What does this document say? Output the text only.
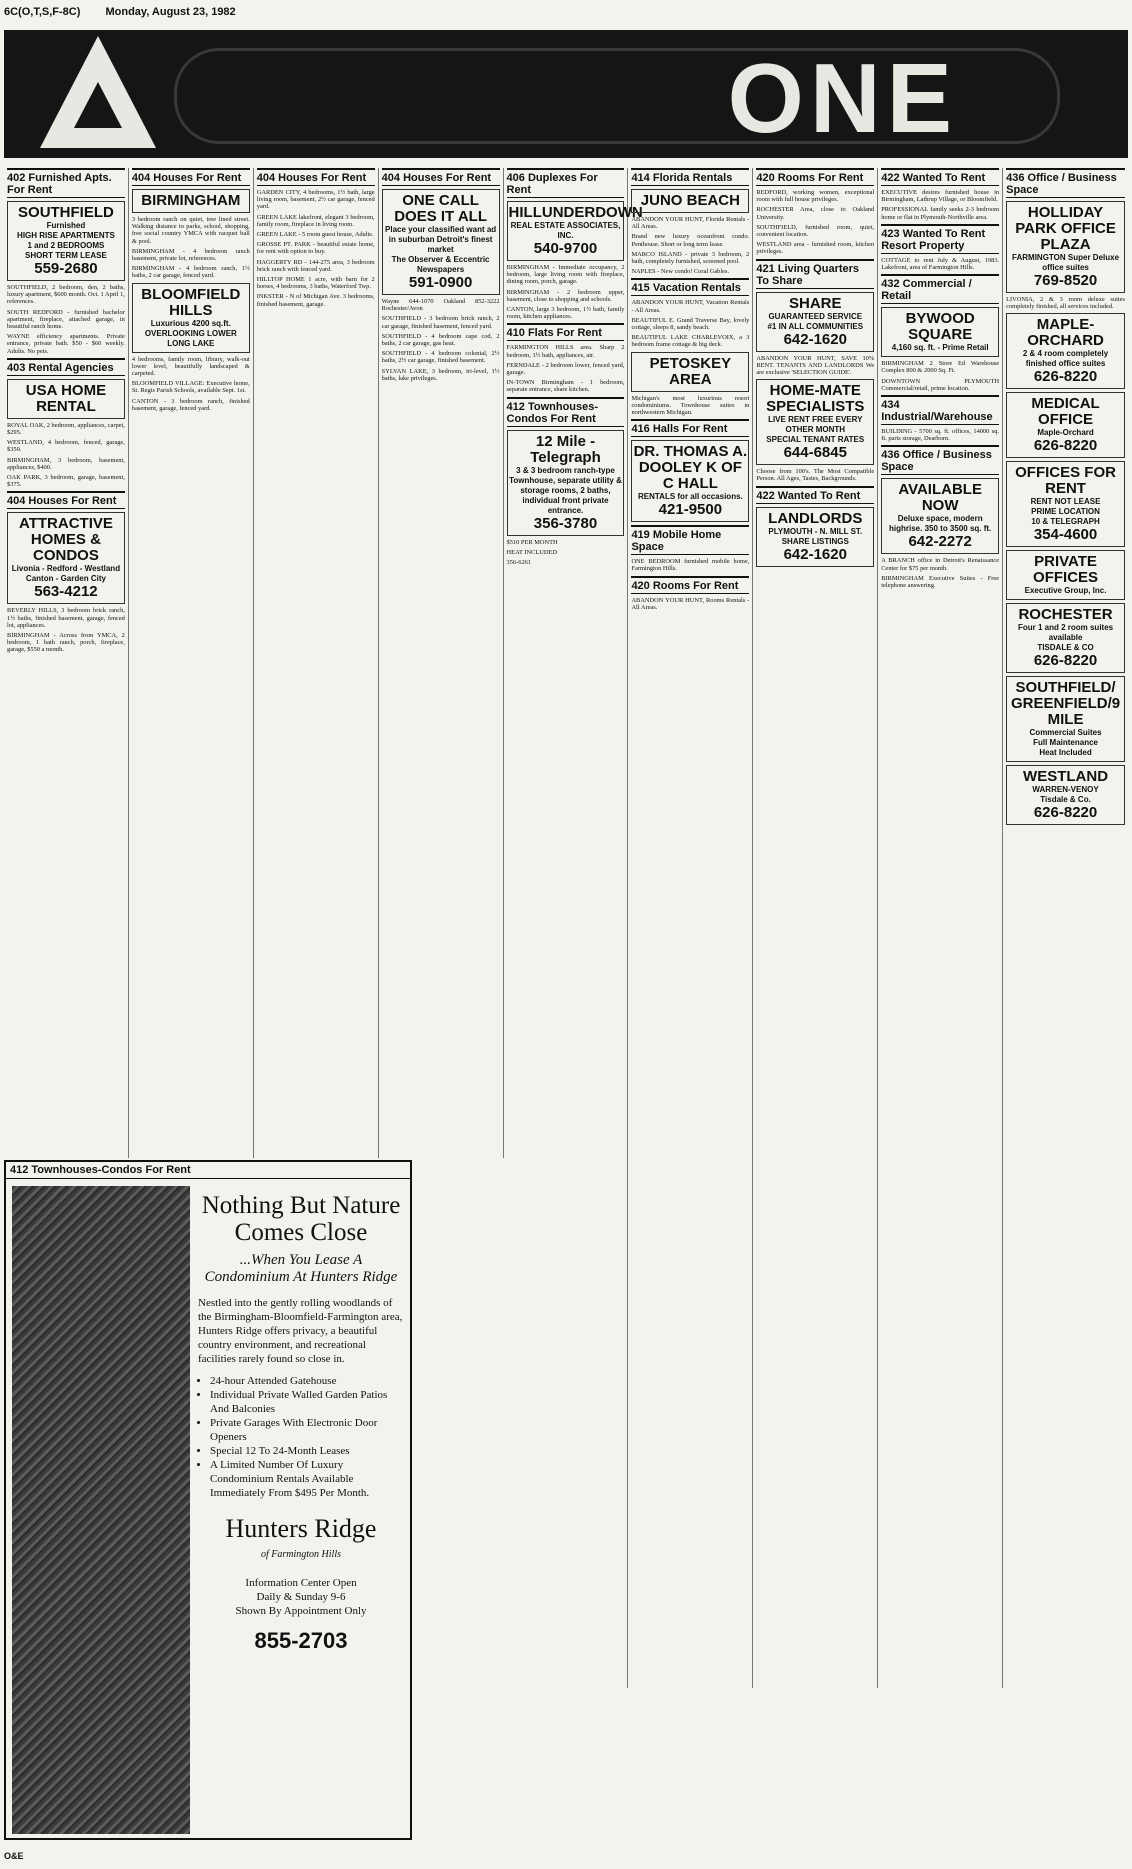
6C(O,T,S,F-8C) Monday, August 23, 1982
ONE
402 Furnished Apts. For Rent
SOUTHFIELD
Furnished
HIGH RISE APARTMENTS
1 and 2 BEDROOMS
SHORT TERM LEASE
559-2680

SOUTHFIELD, 2 bedroom, den, 2 baths, luxury apartment, $600 month. Oct. 1 April 1, references.

SOUTH REDFORD - furnished bachelor apartment, fireplace, attached garage, in beautiful ranch home.

WAYNE efficiency apartments. Private entrance, private bath. $50 - $60 weekly. Adults. No pets.

403 Rental Agencies
USA HOME RENTAL

ROYAL OAK, 2 bedroom, appliances, carpet, $295.

WESTLAND, 4 bedroom, fenced, garage, $350.

BIRMINGHAM, 3 bedroom, basement, appliances, $400.

OAK PARK, 3 bedroom, garage, basement, $375.

404 Houses For Rent
ATTRACTIVE HOMES & CONDOS
Livonia - Redford - Westland
Canton - Garden City
563-4212

BEVERLY HILLS, 3 bedroom brick ranch, 1½ baths, finished basement, garage, fenced lot, appliances.

BIRMINGHAM - Across from YMCA, 2 bedroom, 1 bath ranch, porch, fireplace, garage, $550 a month.

404 Houses For Rent
BIRMINGHAM

3 bedroom ranch on quiet, tree lined street. Walking distance to parks, school, shopping, free social country YMCA with racquet ball & pool.

BIRMINGHAM - 4 bedroom ranch basement, private lot, references.

BIRMINGHAM - 4 bedroom ranch, 1½ baths, 2 car garage, fenced yard.

BLOOMFIELD HILLS
Luxurious 4200 sq.ft.
OVERLOOKING LOWER LONG LAKE

4 bedrooms, family room, library, walk-out lower level, beautifully landscaped & carpeted.

BLOOMFIELD VILLAGE: Executive home, St. Regis Parish Schools, available Sept. 1st.

CANTON - 3 bedroom ranch, finished basement, garage, fenced yard.

404 Houses For Rent

GARDEN CITY, 4 bedrooms, 1½ bath, large living room, basement, 2½ car garage, fenced yard.

GREEN LAKE lakefront, elegant 3 bedroom, family room, fireplace in living room.

GREEN LAKE - 5 room guest house, Adults.

GROSSE PT. PARK - beautiful estate home, for rent with option to buy.

HAGGERTY RD - 144-275 area, 3 bedroom brick ranch with fenced yard.

HILLTOP HOME 1 acre, with barn for 2 horses, 4 bedrooms, 3 baths, Waterford Twp.

INKSTER - N of Michigan Ave. 3 bedrooms, finished basement, garage.

404 Houses For Rent
ONE CALL DOES IT ALL
Place your classified want ad in suburban Detroit's finest market
The Observer & Eccentric Newspapers
591-0900

Wayne 644-1070 Oakland 852-3222 Rochester/Avon

SOUTHFIELD - 3 bedroom brick ranch, 2 car garage, finished basement, fenced yard.

SOUTHFIELD - 4 bedroom cape cod, 2 baths, 2 car garage, gas heat.

SOUTHFIELD - 4 bedroom colonial, 2½ baths, 2½ car garage, finished basement.

SYLVAN LAKE, 3 bedroom, tri-level, 1½ baths, lake privileges.

406 Duplexes For Rent
HILLUNDERDOWN
REAL ESTATE ASSOCIATES, INC.
540-9700

BIRMINGHAM - Immediate occupancy, 2 bedroom, large living room with fireplace, dining room, porch, garage.

BIRMINGHAM - 2 bedroom upper, basement, close to shopping and schools.

CANTON, large 3 bedroom, 1½ bath, family room, kitchen appliances.

410 Flats For Rent

FARMINGTON HILLS area. Sharp 2 bedroom, 1½ bath, appliances, air.

FERNDALE - 2 bedroom lower, fenced yard, garage.

IN-TOWN Birmingham - 1 bedroom, separate entrance, share kitchen.

412 Townhouses-Condos For Rent
12 Mile - Telegraph
3 & 3 bedroom ranch-type Townhouse, separate utility & storage rooms, 2 baths, individual front private entrance.
356-3780

$510 PER MONTH

HEAT INCLUDED

356-6261

414 Florida Rentals
JUNO BEACH

ABANDON YOUR HUNT, Florida Rentals - All Areas.

Brand new luxury oceanfront condo. Penthouse. Short or long term lease.

MARCO ISLAND - private 3 bedroom, 2 bath, completely furnished, screened pool.

NAPLES - New condo! Coral Gables.

415 Vacation Rentals

ABANDON YOUR HUNT, Vacation Rentals - All Areas.

BEAUTIFUL E. Grand Traverse Bay, lovely cottage, sleeps 8, sandy beach.

BEAUTIFUL LAKE CHARLEVOIX, a 3 bedroom frame cottage & big deck.

PETOSKEY AREA

Michigan's most luxurious resort condominiums. Townhouse suites in northwestern Michigan.

416 Halls For Rent
DR. THOMAS A. DOOLEY K OF C HALL
RENTALS for all occasions.
421-9500
419 Mobile Home Space

ONE BEDROOM furnished mobile home, Farmington Hills.

420 Rooms For Rent

ABANDON YOUR HUNT, Rooms Rentals - All Areas.

420 Rooms For Rent

REDFORD, working women, exceptional room with full house privileges.

ROCHESTER Area, close to Oakland University.

SOUTHFIELD, furnished room, quiet, convenient location.

WESTLAND area - furnished room, kitchen privileges.

421 Living Quarters To Share
SHARE
GUARANTEED SERVICE
#1 IN ALL COMMUNITIES
642-1620

ABANDON YOUR HUNT, SAVE 10% RENT. TENANTS AND LANDLORDS We are exclusive 'SELECTION GUIDE'.

HOME-MATE SPECIALISTS
LIVE RENT FREE EVERY OTHER MONTH
SPECIAL TENANT RATES
644-6845

Choose from 100's. The Most Compatible Person. All Ages, Tastes, Backgrounds.

422 Wanted To Rent
LANDLORDS
PLYMOUTH - N. MILL ST.
SHARE LISTINGS
642-1620
422 Wanted To Rent

EXECUTIVE desires furnished house in Birmingham, Lathrup Village, or Bloomfield.

PROFESSIONAL family seeks 2-3 bedroom home or flat in Plymouth-Northville area.

423 Wanted To Rent Resort Property

COTTAGE to rent July & August, 1983. Lakefront, area of Farmington Hills.

432 Commercial / Retail
BYWOOD SQUARE
4,160 sq. ft. - Prime Retail

BIRMINGHAM 2 Store Ed Warehouse Complex 800 & 2000 Sq. Ft.

DOWNTOWN PLYMOUTH Commercial/retail, prime location.

434 Industrial/Warehouse

BUILDING - 5700 sq. ft. offices, 14000 sq. ft. parts storage, Dearborn.

436 Office / Business Space
AVAILABLE NOW
Deluxe space, modern highrise. 350 to 3500 sq. ft.
642-2272

A BRANCH office in Detroit's Renaissance Center for $75 per month.

BIRMINGHAM Executive Suites - Free telephone answering.

436 Office / Business Space
HOLLIDAY PARK OFFICE PLAZA
FARMINGTON Super Deluxe office suites
769-8520

LIVONIA, 2 & 3 room deluxe suites completely finished, all services included.

MAPLE-ORCHARD
2 & 4 room completely finished office suites
626-8220
MEDICAL OFFICE
Maple-Orchard
626-8220
OFFICES FOR RENT
RENT NOT LEASE
PRIME LOCATION
10 & TELEGRAPH
354-4600
PRIVATE OFFICES
Executive Group, Inc.
ROCHESTER
Four 1 and 2 room suites available
TISDALE & CO
626-8220
SOUTHFIELD/ GREENFIELD/9 MILE
Commercial Suites
Full Maintenance
Heat Included
WESTLAND
WARREN-VENOY
Tisdale & Co.
626-8220
412 Townhouses-Condos For Rent
Nothing But Nature Comes Close
...When You Lease A Condominium At Hunters Ridge

Nestled into the gently rolling woodlands of the Birmingham-Bloomfield-Farmington area, Hunters Ridge offers privacy, a beautiful country environment, and recreational facilities rarely found so close in.

• 24-hour Attended Gatehouse
• Individual Private Walled Garden Patios And Balconies
• Private Garages With Electronic Door Openers
• Special 12 To 24-Month Leases
• A Limited Number Of Luxury Condominium Rentals Available Immediately From $495 Per Month.
Hunters Ridge
of Farmington Hills
Information Center Open
Daily & Sunday 9-6
Shown By Appointment Only
855-2703
O&E
